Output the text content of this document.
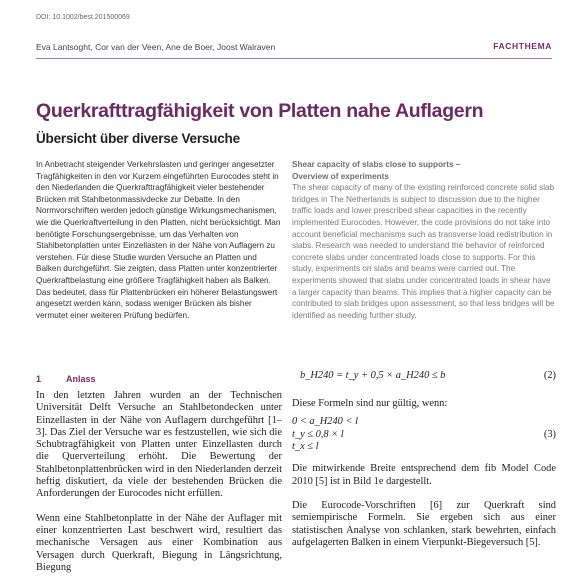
DOI: 10.1002/best.201500069
Eva Lantsoght, Cor van der Veen, Ane de Boer, Joost Walraven	FACHTHEMA
Querkrafttragfähigkeit von Platten nahe Auflagern
Übersicht über diverse Versuche

In Anbetracht steigender Verkehrslasten und geringer angesetzter Tragfähigkeiten in den vor Kurzem eingeführten Eurocodes steht in den Niederlanden die Querkrafttragfähigkeit vieler bestehender Brücken mit Stahlbetonmassivdecke zur Debatte. In den Normvorschriften werden jedoch günstige Wirkungsmechanismen, wie die Querkraftverteilung in den Platten, nicht berücksichtigt. Man benötigte Forschungsergebnisse, um das Verhalten von Stahlbetonplatten unter Einzellasten in der Nähe von Auflagern zu verstehen. Für diese Studie wurden Versuche an Platten und Balken durchgeführt. Sie zeigten, dass Platten unter konzentrierter Querkraftbelastung eine größere Tragfähigkeit haben als Balken. Das bedeutet, dass für Plattenbrücken ein höherer Belastungswert angesetzt werden kann, sodass weniger Brücken als bisher vermutet einer weiteren Prüfung bedürfen.

Shear capacity of slabs close to supports –
Overview of experiments

The shear capacity of many of the existing reinforced concrete solid slab bridges in The Netherlands is subject to discussion due to the higher traffic loads and lower prescribed shear capacities in the recently implemented Eurocodes. However, the code provisions do not take into account beneficial mechanisms such as transverse load redistribution in slabs. Research was needed to understand the behavior of reinforced concrete slabs under concentrated loads close to supports. For this study, experiments on slabs and beams were carried out. The experiments showed that slabs under concentrated loads in shear have a larger capacity than beams. This implies that a higher capacity can be contributed to slab bridges upon assessment, so that less bridges will be identified as needing further study.

1	Anlass

In den letzten Jahren wurden an der Technischen Universität Delft Versuche an Stahlbetondecken unter Einzellasten in der Nähe von Auflagern durchgeführt [1–3]. Das Ziel der Versuche war es festzustellen, wie sich die Schubtragfähigkeit von Platten unter Einzellasten durch die Querverteilung erhöht. Die Bewertung der Stahlbetonplattenbrücken wird in den Niederlanden derzeit heftig diskutiert, da viele der bestehenden Brücken die Anforderungen der Eurocodes nicht erfüllen.

Wenn eine Stahlbetonplatte in der Nähe der Auflager mit einer konzentrierten Last beschwert wird, resultiert das mechanische Versagen aus einer Kombination aus Versagen durch Querkraft, Biegung in Längsrichtung, Biegung

b_H240 = t_y + 0,5 × a_H240 ≤ b	(2)

Diese Formeln sind nur gültig, wenn:

0 < a_H240 < l
t_y ≤ 0,8 × l
t_x ≤ l
(3)

Die mitwirkende Breite entsprechend dem fib Model Code 2010 [5] ist in Bild 1e dargestellt.

Die Eurocode-Vorschriften [6] zur Querkraft sind semiempirische Formeln. Sie ergeben sich aus einer statistischen Analyse von schlanken, stark bewehrten, einfach aufgelagerten Balken in einem Vierpunkt-Biegeversuch [5].
